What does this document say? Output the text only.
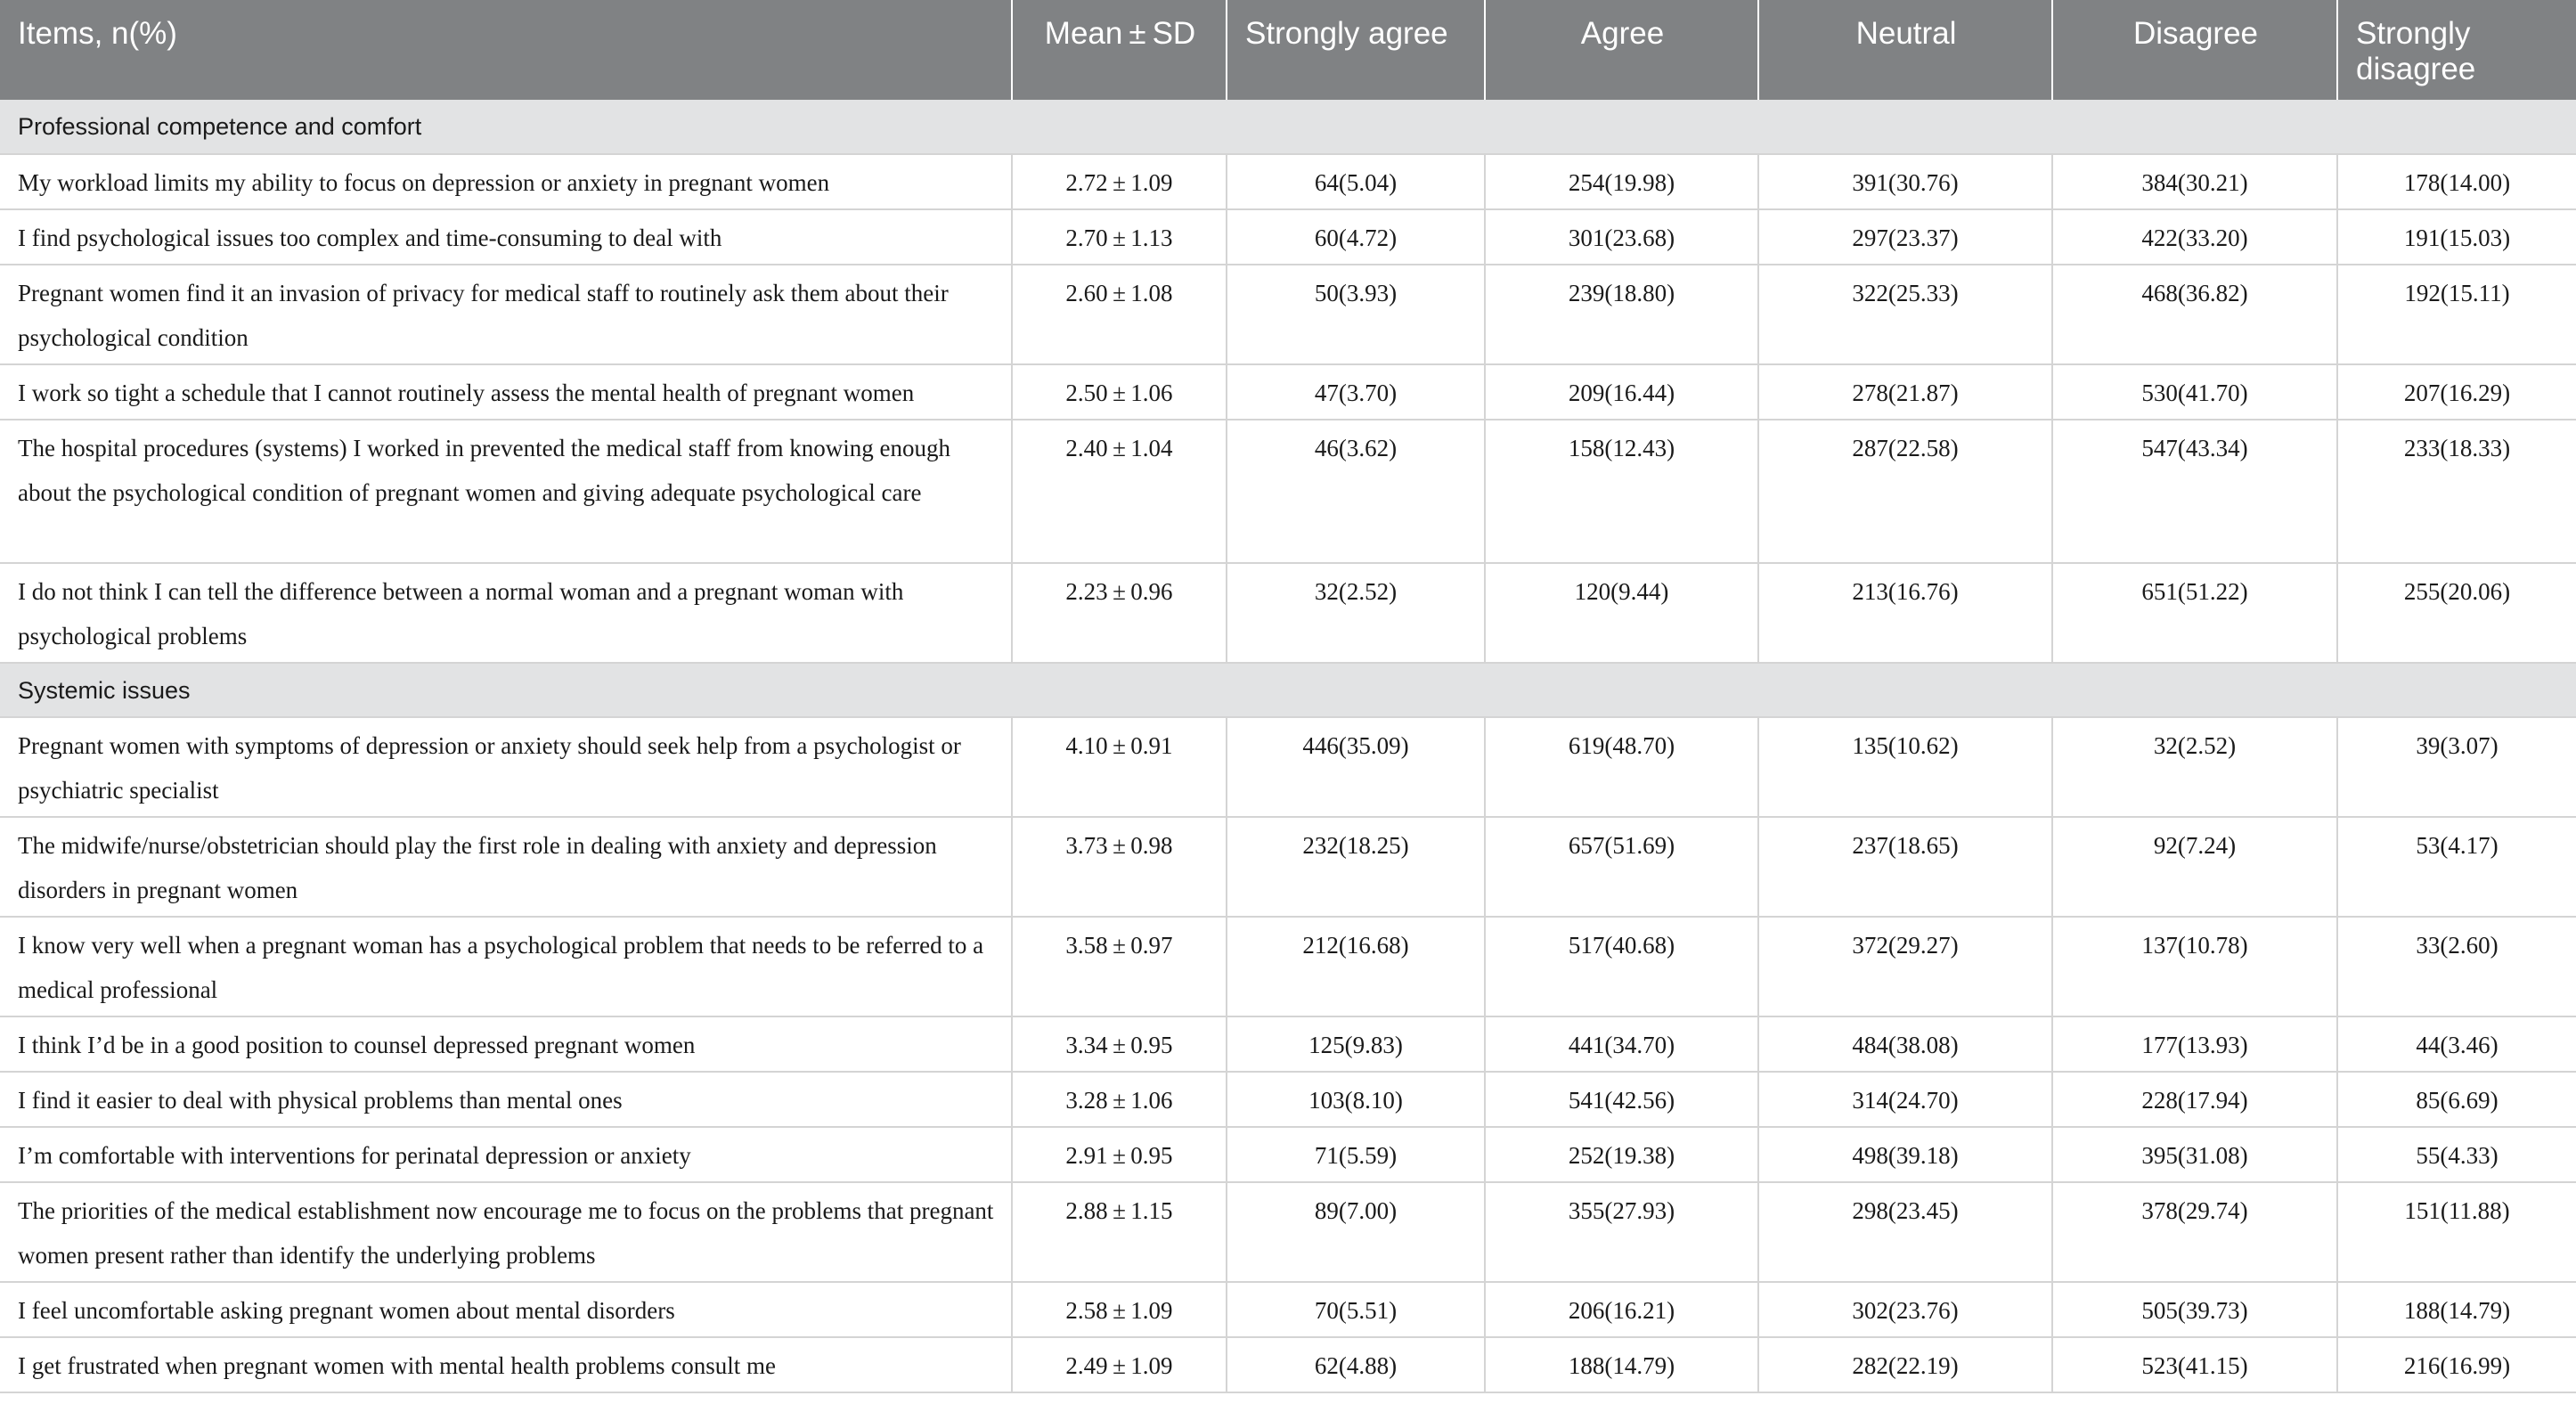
Items, n(%)	Mean ± SD	Strongly agree	Agree	Neutral	Disagree	Strongly disagree
Professional competence and comfort						
My workload limits my ability to focus on depression or anxiety in pregnant women	2.72 ± 1.09	64(5.04)	254(19.98)	391(30.76)	384(30.21)	178(14.00)
I find psychological issues too complex and time-consuming to deal with	2.70 ± 1.13	60(4.72)	301(23.68)	297(23.37)	422(33.20)	191(15.03)
Pregnant women find it an invasion of privacy for medical staff to routinely ask them about their psychological condition	2.60 ± 1.08	50(3.93)	239(18.80)	322(25.33)	468(36.82)	192(15.11)
I work so tight a schedule that I cannot routinely assess the mental health of pregnant women	2.50 ± 1.06	47(3.70)	209(16.44)	278(21.87)	530(41.70)	207(16.29)
The hospital procedures (systems) I worked in prevented the medical staff from knowing enough about the psychological condition of pregnant women and giving adequate psychological care	2.40 ± 1.04	46(3.62)	158(12.43)	287(22.58)	547(43.34)	233(18.33)
I do not think I can tell the difference between a normal woman and a pregnant woman with psychological problems	2.23 ± 0.96	32(2.52)	120(9.44)	213(16.76)	651(51.22)	255(20.06)
Systemic issues						
Pregnant women with symptoms of depression or anxiety should seek help from a psychologist or psychiatric specialist	4.10 ± 0.91	446(35.09)	619(48.70)	135(10.62)	32(2.52)	39(3.07)
The midwife/nurse/obstetrician should play the first role in dealing with anxiety and depression disorders in pregnant women	3.73 ± 0.98	232(18.25)	657(51.69)	237(18.65)	92(7.24)	53(4.17)
I know very well when a pregnant woman has a psychological problem that needs to be referred to a medical professional	3.58 ± 0.97	212(16.68)	517(40.68)	372(29.27)	137(10.78)	33(2.60)
I think I’d be in a good position to counsel depressed pregnant women	3.34 ± 0.95	125(9.83)	441(34.70)	484(38.08)	177(13.93)	44(3.46)
I find it easier to deal with physical problems than mental ones	3.28 ± 1.06	103(8.10)	541(42.56)	314(24.70)	228(17.94)	85(6.69)
I’m comfortable with interventions for perinatal depression or anxiety	2.91 ± 0.95	71(5.59)	252(19.38)	498(39.18)	395(31.08)	55(4.33)
The priorities of the medical establishment now encourage me to focus on the problems that pregnant women present rather than identify the underlying problems	2.88 ± 1.15	89(7.00)	355(27.93)	298(23.45)	378(29.74)	151(11.88)
I feel uncomfortable asking pregnant women about mental disorders	2.58 ± 1.09	70(5.51)	206(16.21)	302(23.76)	505(39.73)	188(14.79)
I get frustrated when pregnant women with mental health problems consult me	2.49 ± 1.09	62(4.88)	188(14.79)	282(22.19)	523(41.15)	216(16.99)
